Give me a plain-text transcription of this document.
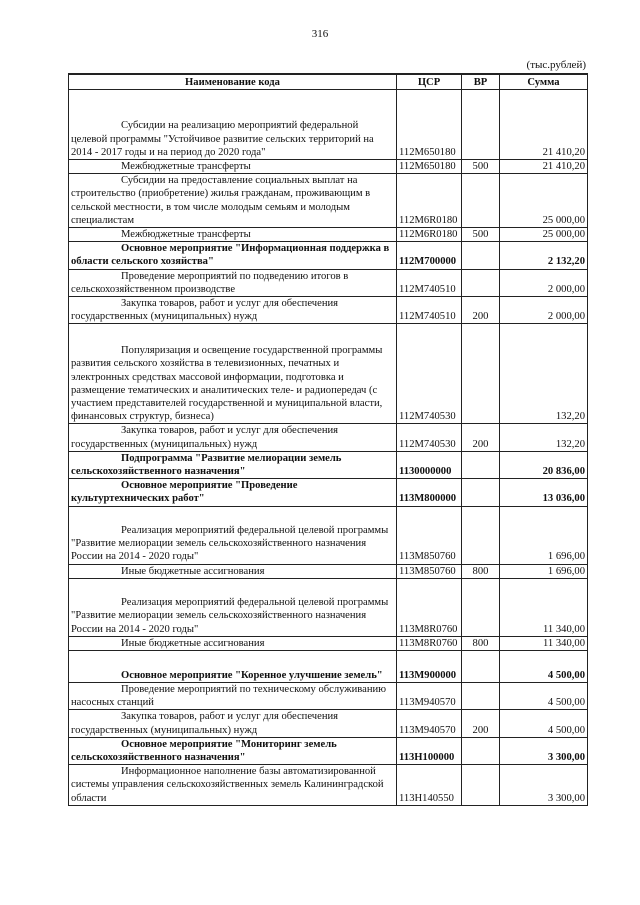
316
(тыс.рублей)
Наименование кода	ЦСР	ВР	Сумма
Субсидии на реализацию мероприятий федеральной целевой программы "Устойчивое развитие сельских территорий на 2014 - 2017 годы и на период до 2020 года"	112М650180		21 410,20
Межбюджетные трансферты	112М650180	500	21 410,20
Субсидии на предоставление социальных выплат на строительство (приобретение) жилья гражданам, проживающим в сельской местности, в том числе молодым семьям и молодым специалистам	112М6R0180		25 000,00
Межбюджетные трансферты	112М6R0180	500	25 000,00
Основное мероприятие "Информационная поддержка в области сельского хозяйства"	112М700000		2 132,20
Проведение мероприятий по подведению итогов в сельскохозяйственном производстве	112М740510		2 000,00
Закупка товаров, работ и услуг для обеспечения государственных (муниципальных) нужд	112М740510	200	2 000,00
Популяризация и освещение государственной программы развития сельского хозяйства в телевизионных, печатных и электронных средствах массовой информации, подготовка и размещение тематических и аналитических теле- и радиопередач (с участием представителей государственной и муниципальной власти, финансовых структур, бизнеса)	112М740530		132,20
Закупка товаров, работ и услуг для обеспечения государственных (муниципальных) нужд	112М740530	200	132,20
Подпрограмма "Развитие мелиорации земель сельскохозяйственного назначения"	1130000000		20 836,00
Основное мероприятие "Проведение культуртехнических работ"	113М800000		13 036,00
Реализация мероприятий федеральной целевой программы "Развитие мелиорации земель сельскохозяйственного назначения России на 2014 - 2020 годы"	113М850760		1 696,00
Иные бюджетные ассигнования	113М850760	800	1 696,00
Реализация мероприятий федеральной целевой программы "Развитие мелиорации земель сельскохозяйственного назначения России на 2014 - 2020 годы"	113М8R0760		11 340,00
Иные бюджетные ассигнования	113М8R0760	800	11 340,00
Основное мероприятие "Коренное улучшение земель"	113М900000		4 500,00
Проведение мероприятий по техническому обслуживанию насосных станций	113М940570		4 500,00
Закупка товаров, работ и услуг для обеспечения государственных (муниципальных) нужд	113М940570	200	4 500,00
Основное мероприятие "Мониторинг земель сельскохозяйственного назначения"	113Н100000		3 300,00
Информационное наполнение базы автоматизированной системы управления сельскохозяйственных земель Калининградской области	113Н140550		3 300,00
